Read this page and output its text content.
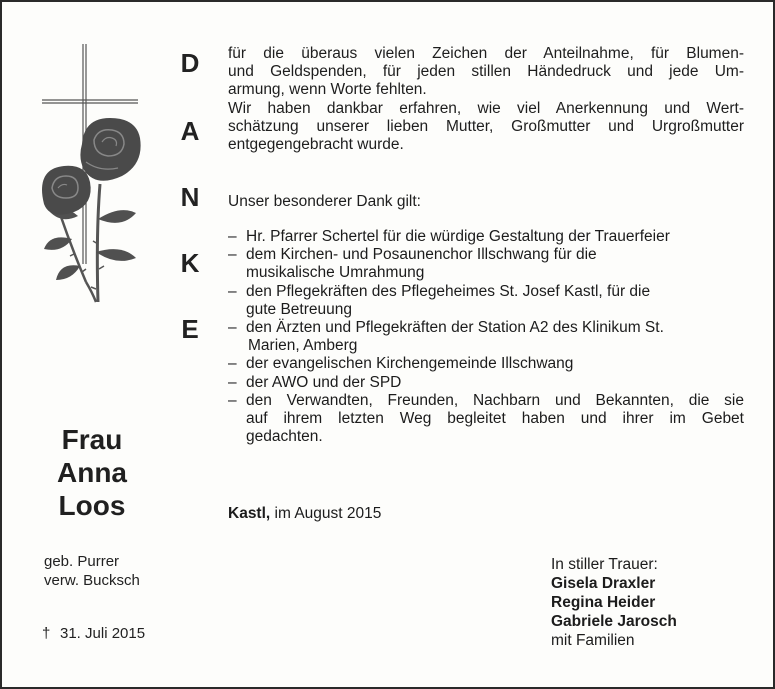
D
A
N
K
E
Frau
Anna
Loos
geb. Purrer
verw. Bucksch
† 31. Juli 2015
für die überaus vielen Zeichen der Anteilnahme, für Blumen-
und Geldspenden, für jeden stillen Händedruck und jede Um-
armung, wenn Worte fehlten.
Wir haben dankbar erfahren, wie viel Anerkennung und Wert-
schätzung unserer lieben Mutter, Großmutter und Urgroßmutter
entgegengebracht wurde.
Unser besonderer Dank gilt:
– Hr. Pfarrer Schertel für die würdige Gestaltung der Trauerfeier
– dem Kirchen- und Posaunenchor Illschwang für die
musikalische Umrahmung
– den Pflegekräften des Pflegeheimes St. Josef Kastl, für die
gute Betreuung
– den Ärzten und Pflegekräften der Station A2 des Klinikum St.
Marien, Amberg
– der evangelischen Kirchengemeinde Illschwang
– der AWO und der SPD
– den Verwandten, Freunden, Nachbarn und Bekannten, die sie
auf ihrem letzten Weg begleitet haben und ihrer im Gebet
gedachten.
Kastl, im August 2015
In stiller Trauer:
Gisela Draxler
Regina Heider
Gabriele Jarosch
mit Familien
